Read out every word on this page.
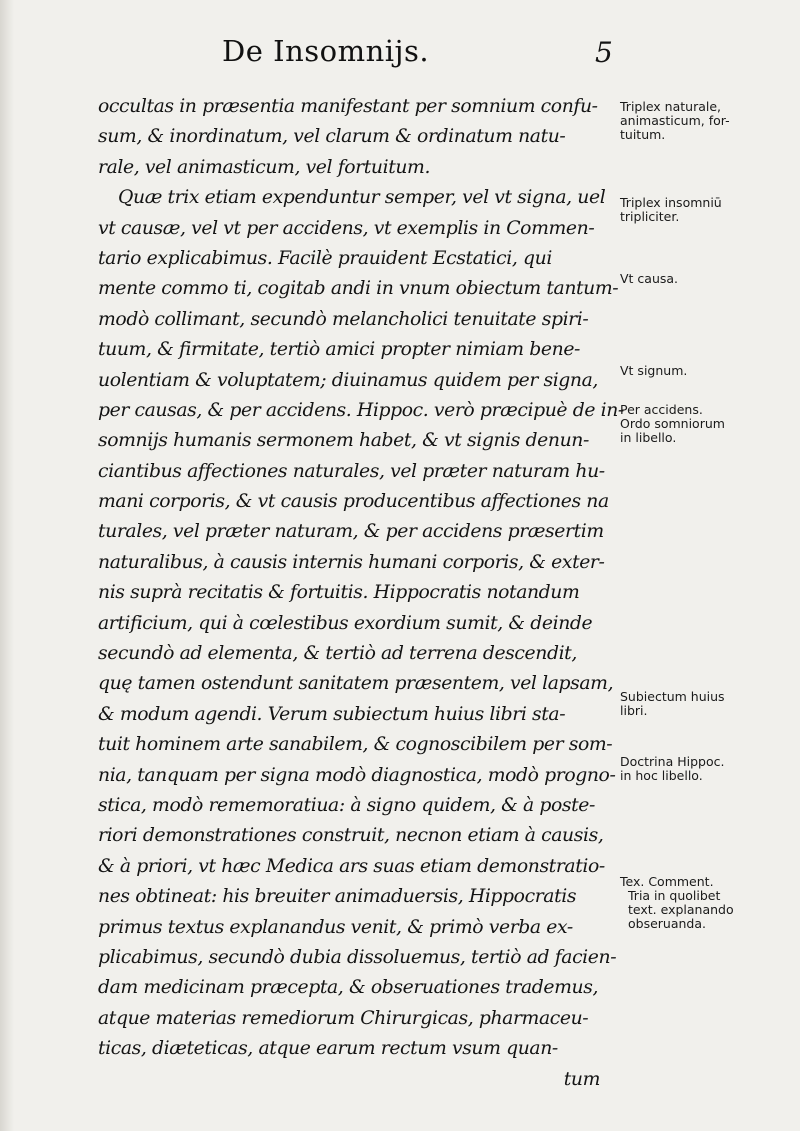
De Insomnijs.	5
occultas in præsentia manifestant per somnium confu-
sum, & inordinatum, vel clarum & ordinatum natu-
rale, vel animasticum, vel fortuitum.
Quæ trix etiam expenduntur semper, vel vt signa, uel
vt causæ, vel vt per accidens, vt exemplis in Commen-
tario explicabimus. Facilè prauident Ecstatici, qui
mente commo ti, cogitab andi in vnum obiectum tantum-
modò collimant, secundò melancholici tenuitate spiri-
tuum, & firmitate, tertiò amici propter nimiam bene-
uolentiam & voluptatem; diuinamus quidem per signa,
per causas, & per accidens. Hippoc. verò præcipuè de in-
somnijs humanis sermonem habet, & vt signis denun-
ciantibus affectiones naturales, vel præter naturam hu-
mani corporis, & vt causis producentibus affectiones na
turales, vel præter naturam, & per accidens præsertim
naturalibus, à causis internis humani corporis, & exter-
nis suprà recitatis & fortuitis. Hippocratis notandum
artificium, qui à cœlestibus exordium sumit, & deinde
secundò ad elementa, & tertiò ad terrena descendit,
quę tamen ostendunt sanitatem præsentem, vel lapsam,
& modum agendi. Verum subiectum huius libri sta-
tuit hominem arte sanabilem, & cognoscibilem per som-
nia, tanquam per signa modò diagnostica, modò progno-
stica, modò rememoratiua: à signo quidem, & à poste-
riori demonstrationes construit, necnon etiam à causis,
& à priori, vt hæc Medica ars suas etiam demonstratio-
nes obtineat: his breuiter animaduersis, Hippocratis
primus textus explanandus venit, & primò verba ex-
plicabimus, secundò dubia dissoluemus, tertiò ad facien-
dam medicinam præcepta, & obseruationes trademus,
atque materias remediorum Chirurgicas, pharmaceu-
ticas, diæteticas, atque earum rectum vsum quan-
tum
Triplex naturale,
animasticum, for-
tuitum.
Triplex insomniū
tripliciter.
Vt causa.
Vt signum.
Per accidens.
Ordo somniorum
in libello.
Subiectum huius
libri.
Doctrina Hippoc.
in hoc libello.
Tex. Comment.
Tria in quolibet
text. explanando
obseruanda.
